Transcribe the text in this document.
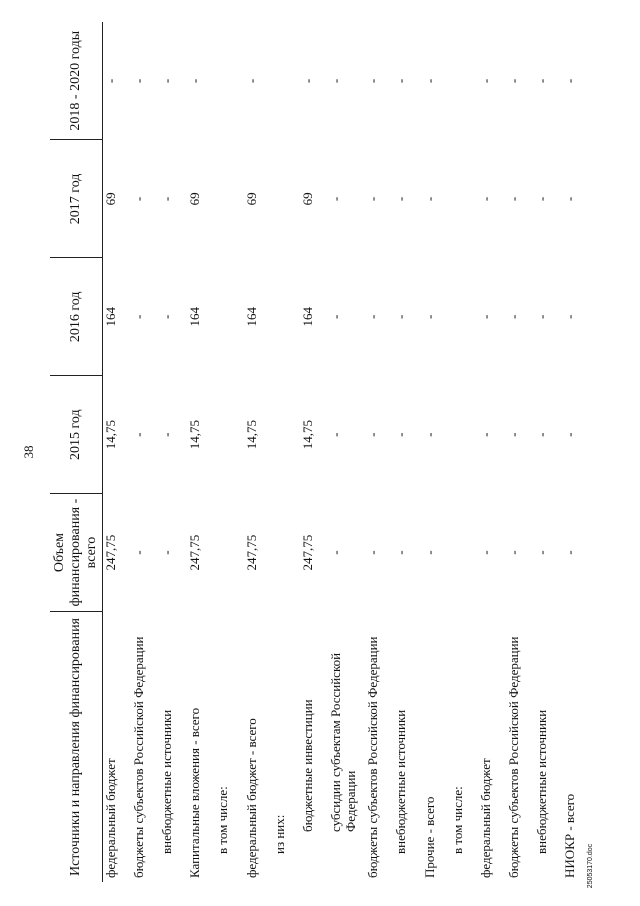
38
25053170.doc
Источники и направления финансирования	Объем финансирования - всего	2015 год	2016 год	2017 год	2018 - 2020 годы
федеральный бюджет	247,75	14,75	164	69	-
бюджеты субъектов Российской Федерации	-	-	-	-	-
внебюджетные источники	-	-	-	-	-
Капитальные вложения - всего	247,75	14,75	164	69	-
в том числе:					
федеральный бюджет - всего	247,75	14,75	164	69	-
из них:					
бюджетные инвестиции	247,75	14,75	164	69	-
субсидии субъектам Российской Федерации	-	-	-	-	-
бюджеты субъектов Российской Федерации	-	-	-	-	-
внебюджетные источники	-	-	-	-	-
Прочие - всего	-	-	-	-	-
в том числе:					
федеральный бюджет	-	-	-	-	-
бюджеты субъектов Российской Федерации	-	-	-	-	-
внебюджетные источники	-	-	-	-	-
НИОКР - всего	-	-	-	-	-
